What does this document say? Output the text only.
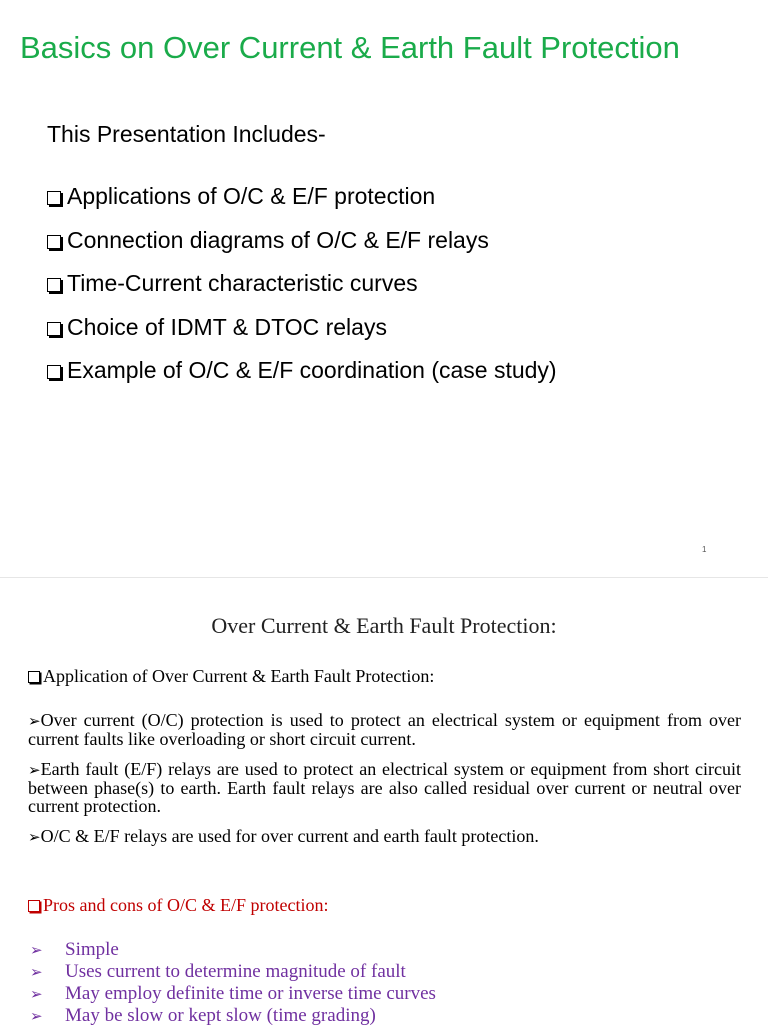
Basics on Over Current & Earth Fault Protection
This Presentation Includes-
Applications of O/C & E/F protection
Connection diagrams of O/C & E/F relays
Time-Current characteristic curves
Choice of IDMT & DTOC relays
Example of O/C & E/F coordination (case study)
1
Over Current & Earth Fault Protection:
Application of Over Current & Earth Fault Protection:

➢Over current (O/C) protection is used to protect an electrical system or equipment from over current faults like overloading or short circuit current.

➢Earth fault (E/F) relays are used to protect an electrical system or equipment from short circuit between phase(s) to earth. Earth fault relays are also called residual over current or neutral over current protection.

➢O/C & E/F relays are used for over current and earth fault protection.

Pros and cons of O/C & E/F protection:
➢ Simple
➢ Uses current to determine magnitude of fault
➢ May employ definite time or inverse time curves
➢ May be slow or kept slow (time grading)
